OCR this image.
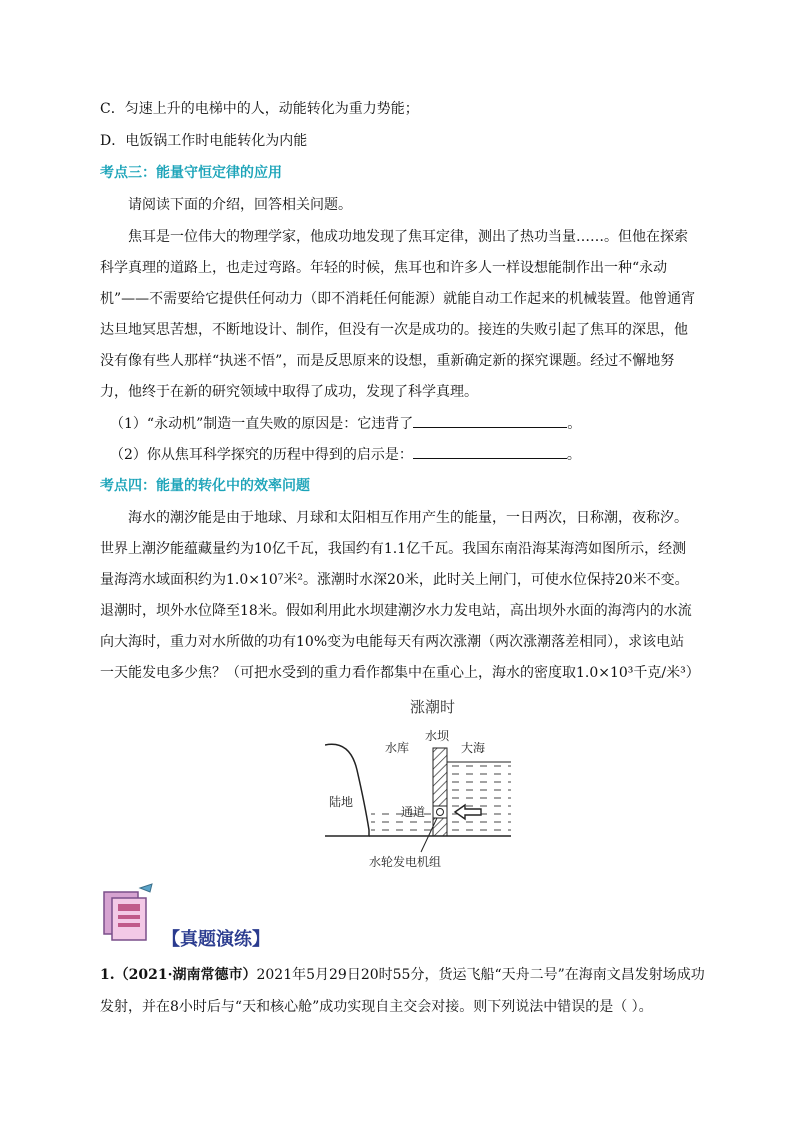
C．匀速上升的电梯中的人，动能转化为重力势能；
D．电饭锅工作时电能转化为内能
考点三：能量守恒定律的应用
请阅读下面的介绍，回答相关问题。
焦耳是一位伟大的物理学家，他成功地发现了焦耳定律，测出了热功当量……。但他在探索科学真理的道路上，也走过弯路。年轻的时候，焦耳也和许多人一样设想能制作出一种“永动机”——不需要给它提供任何动力（即不消耗任何能源）就能自动工作起来的机械装置。他曾通宵达旦地冥思苦想，不断地设计、制作，但没有一次是成功的。接连的失败引起了焦耳的深思，他没有像有些人那样“执迷不悟”，而是反思原来的设想，重新确定新的探究课题。经过不懈地努力，他终于在新的研究领域中取得了成功，发现了科学真理。
（1）“永动机”制造一直失败的原因是：它违背了	。
（2）你从焦耳科学探究的历程中得到的启示是：	。
考点四：能量的转化中的效率问题
海水的潮汐能是由于地球、月球和太阳相互作用产生的能量，一日两次，日称潮，夜称汐。世界上潮汐能蕴藏量约为10亿千瓦，我国约有1.1亿千瓦。我国东南沿海某海湾如图所示，经测量海湾水域面积约为1.0×10⁷米²。涨潮时水深20米，此时关上闸门，可使水位保持20米不变。退潮时，坝外水位降至18米。假如利用此水坝建潮汐水力发电站，高出坝外水面的海湾内的水流向大海时，重力对水所做的功有10%变为电能每天有两次涨潮（两次涨潮落差相同），求该电站一天能发电多少焦？（可把水受到的重力看作都集中在重心上，海水的密度取1.0×10³千克/米³）
涨潮时
水坝
水库	大海
陆地
通道
水轮发电机组
【真题演练】
1.（2021·湖南常德市）2021年5月29日20时55分，货运飞船“天舟二号”在海南文昌发射场成功
发射，并在8小时后与“天和核心舱”成功实现自主交会对接。则下列说法中错误的是（ ）。
